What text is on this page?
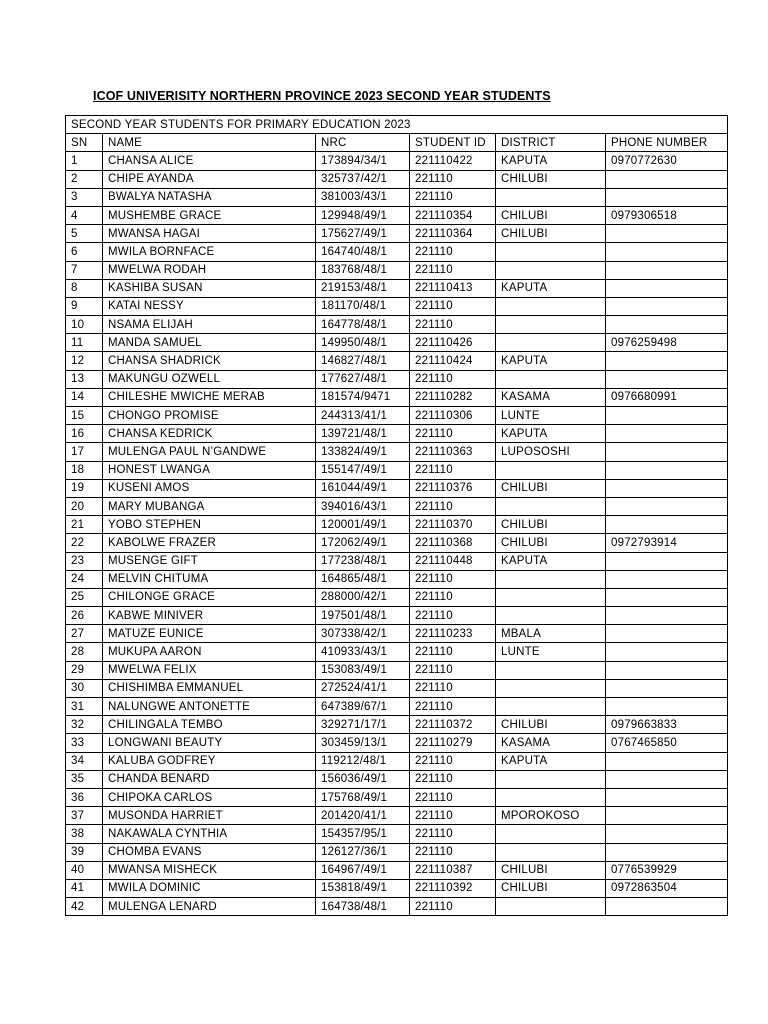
ICOF UNIVERISITY NORTHERN PROVINCE 2023 SECOND YEAR STUDENTS
SECOND YEAR STUDENTS FOR PRIMARY EDUCATION 2023					
SN	NAME	NRC	STUDENT ID	DISTRICT	PHONE NUMBER
1	CHANSA ALICE	173894/34/1	221110422	KAPUTA	0970772630
2	CHIPE AYANDA	325737/42/1	221110	CHILUBI	
3	BWALYA NATASHA	381003/43/1	221110		
4	MUSHEMBE GRACE	129948/49/1	221110354	CHILUBI	0979306518
5	MWANSA HAGAI	175627/49/1	221110364	CHILUBI	
6	MWILA BORNFACE	164740/48/1	221110		
7	MWELWA RODAH	183768/48/1	221110		
8	KASHIBA SUSAN	219153/48/1	221110413	KAPUTA	
9	KATAI NESSY	181170/48/1	221110		
10	NSAMA ELIJAH	164778/48/1	221110		
11	MANDA SAMUEL	149950/48/1	221110426		0976259498
12	CHANSA SHADRICK	146827/48/1	221110424	KAPUTA	
13	MAKUNGU OZWELL	177627/48/1	221110		
14	CHILESHE MWICHE MERAB	181574/9471	221110282	KASAMA	0976680991
15	CHONGO PROMISE	244313/41/1	221110306	LUNTE	
16	CHANSA KEDRICK	139721/48/1	221110	KAPUTA	
17	MULENGA PAUL N’GANDWE	133824/49/1	221110363	LUPOSOSHI	
18	HONEST LWANGA	155147/49/1	221110		
19	KUSENI AMOS	161044/49/1	221110376	CHILUBI	
20	MARY MUBANGA	394016/43/1	221110		
21	YOBO STEPHEN	120001/49/1	221110370	CHILUBI	
22	KABOLWE FRAZER	172062/49/1	221110368	CHILUBI	0972793914
23	MUSENGE GIFT	177238/48/1	221110448	KAPUTA	
24	MELVIN CHITUMA	164865/48/1	221110		
25	CHILONGE GRACE	288000/42/1	221110		
26	KABWE MINIVER	197501/48/1	221110		
27	MATUZE EUNICE	307338/42/1	221110233	MBALA	
28	MUKUPA AARON	410933/43/1	221110	LUNTE	
29	MWELWA FELIX	153083/49/1	221110		
30	CHISHIMBA EMMANUEL	272524/41/1	221110		
31	NALUNGWE ANTONETTE	647389/67/1	221110		
32	CHILINGALA TEMBO	329271/17/1	221110372	CHILUBI	0979663833
33	LONGWANI BEAUTY	303459/13/1	221110279	KASAMA	0767465850
34	KALUBA GODFREY	119212/48/1	221110	KAPUTA	
35	CHANDA BENARD	156036/49/1	221110		
36	CHIPOKA CARLOS	175768/49/1	221110		
37	MUSONDA HARRIET	201420/41/1	221110	MPOROKOSO	
38	NAKAWALA CYNTHIA	154357/95/1	221110		
39	CHOMBA EVANS	126127/36/1	221110		
40	MWANSA MISHECK	164967/49/1	221110387	CHILUBI	0776539929
41	MWILA DOMINIC	153818/49/1	221110392	CHILUBI	0972863504
42	MULENGA LENARD	164738/48/1	221110		
